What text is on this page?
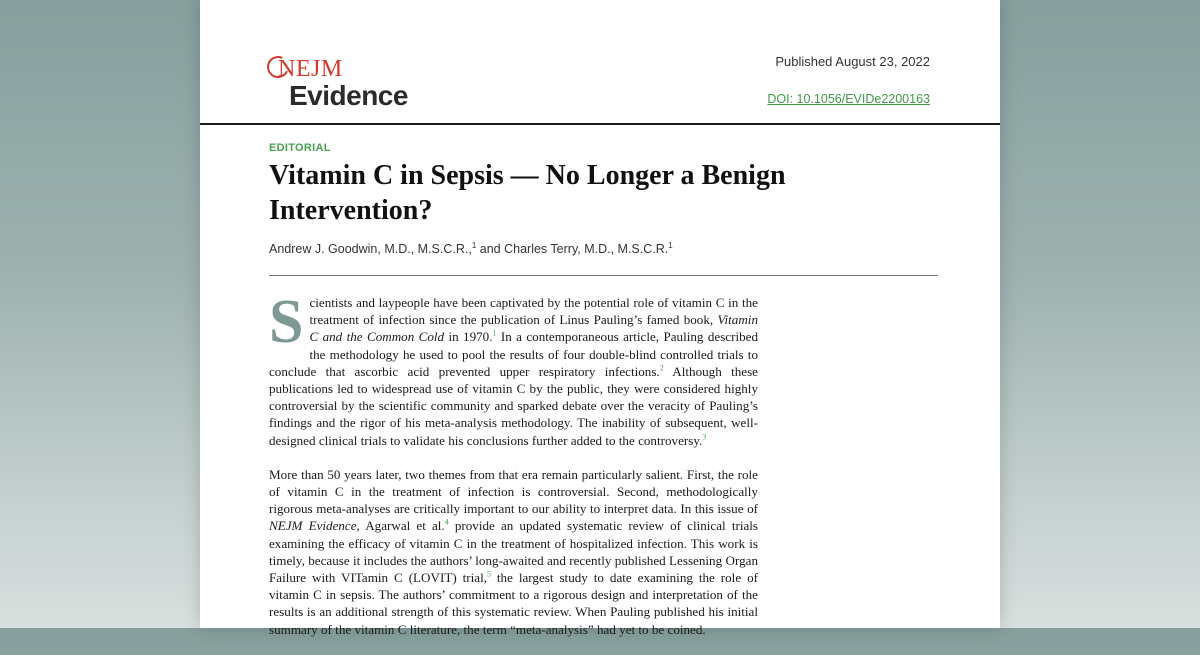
NEJM
Evidence
Published August 23, 2022
DOI: 10.1056/EVIDe2200163
EDITORIAL
Vitamin C in Sepsis — No Longer a Benign Intervention?
Andrew J. Goodwin, M.D., M.S.C.R.,$^1$ and Charles Terry, M.D., M.S.C.R.$^1$

Scientists and laypeople have been captivated by the potential role of vitamin C in the treatment of infection since the publication of Linus Pauling’s famed book, Vitamin C and the Common Cold in 1970.$^1$ In a contemporaneous article, Pauling described the methodology he used to pool the results of four double-blind controlled trials to conclude that ascorbic acid prevented upper respiratory infections.$^2$ Although these publications led to widespread use of vitamin C by the public, they were considered highly controversial by the scientific community and sparked debate over the veracity of Pauling’s findings and the rigor of his meta-analysis methodology. The inability of subsequent, well-designed clinical trials to validate his conclusions further added to the controversy.$^3$

More than 50 years later, two themes from that era remain particularly salient. First, the role of vitamin C in the treatment of infection is controversial. Second, methodologically rigorous meta-analyses are critically important to our ability to interpret data. In this issue of NEJM Evidence, Agarwal et al.$^4$ provide an updated systematic review of clinical trials examining the efficacy of vitamin C in the treatment of hospitalized infection. This work is timely, because it includes the authors’ long-awaited and recently published Lessening Organ Failure with VITamin C (LOVIT) trial,$^5$ the largest study to date examining the role of vitamin C in sepsis. The authors’ commitment to a rigorous design and interpretation of the results is an additional strength of this systematic review. When Pauling published his initial summary of the vitamin C literature, the term “meta-analysis” had yet to be coined.
